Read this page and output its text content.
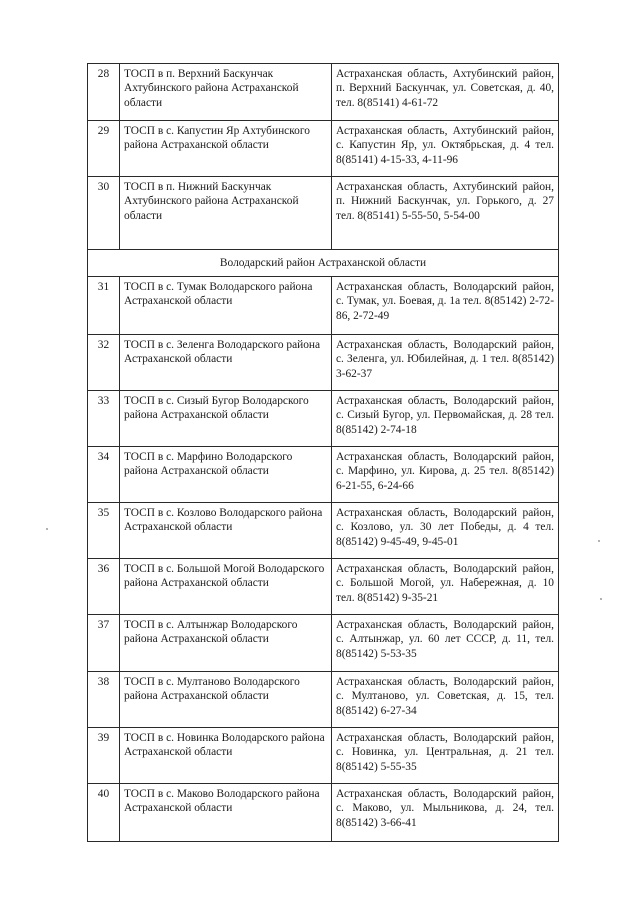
28	ТОСП в п. Верхний Баскунчак Ахтубинского района Астраханской области	Астраханская область, Ахтубинский район, п. Верхний Баскунчак, ул. Советская, д. 40, тел. 8(85141) 4-61-72
29	ТОСП в с. Капустин Яр Ахтубинского района Астраханской области	Астраханская область, Ахтубинский район, с. Капустин Яр, ул. Октябрьская, д. 4 тел. 8(85141) 4-15-33, 4-11-96
30	ТОСП в п. Нижний Баскунчак Ахтубинского района Астраханской области	Астраханская область, Ахтубинский район, п. Нижний Баскунчак, ул. Горького, д. 27 тел. 8(85141) 5-55-50, 5-54-00
Володарский район Астраханской области		
31	ТОСП в с. Тумак Володарского района Астраханской области	Астраханская область, Володарский район, с. Тумак, ул. Боевая, д. 1а тел. 8(85142) 2-72-86, 2-72-49
32	ТОСП в с. Зеленга Володарского района Астраханской области	Астраханская область, Володарский район, с. Зеленга, ул. Юбилейная, д. 1 тел. 8(85142) 3-62-37
33	ТОСП в с. Сизый Бугор Володарского района Астраханской области	Астраханская область, Володарский район, с. Сизый Бугор, ул. Первомайская, д. 28 тел. 8(85142) 2-74-18
34	ТОСП в с. Марфино Володарского района Астраханской области	Астраханская область, Володарский район, с. Марфино, ул. Кирова, д. 25 тел. 8(85142) 6-21-55, 6-24-66
35	ТОСП в с. Козлово Володарского района Астраханской области	Астраханская область, Володарский район, с. Козлово, ул. 30 лет Победы, д. 4 тел. 8(85142) 9-45-49, 9-45-01
36	ТОСП в с. Большой Могой Володарского района Астраханской области	Астраханская область, Володарский район, с. Большой Могой, ул. Набережная, д. 10 тел. 8(85142) 9-35-21
37	ТОСП в с. Алтынжар Володарского района Астраханской области	Астраханская область, Володарский район, с. Алтынжар, ул. 60 лет СССР, д. 11, тел. 8(85142) 5-53-35
38	ТОСП в с. Мултаново Володарского района Астраханской области	Астраханская область, Володарский район, с. Мултаново, ул. Советская, д. 15, тел. 8(85142) 6-27-34
39	ТОСП в с. Новинка Володарского района Астраханской области	Астраханская область, Володарский район, с. Новинка, ул. Центральная, д. 21 тел. 8(85142) 5-55-35
40	ТОСП в с. Маково Володарского района Астраханской области	Астраханская область, Володарский район, с. Маково, ул. Мыльникова, д. 24, тел. 8(85142) 3-66-41
